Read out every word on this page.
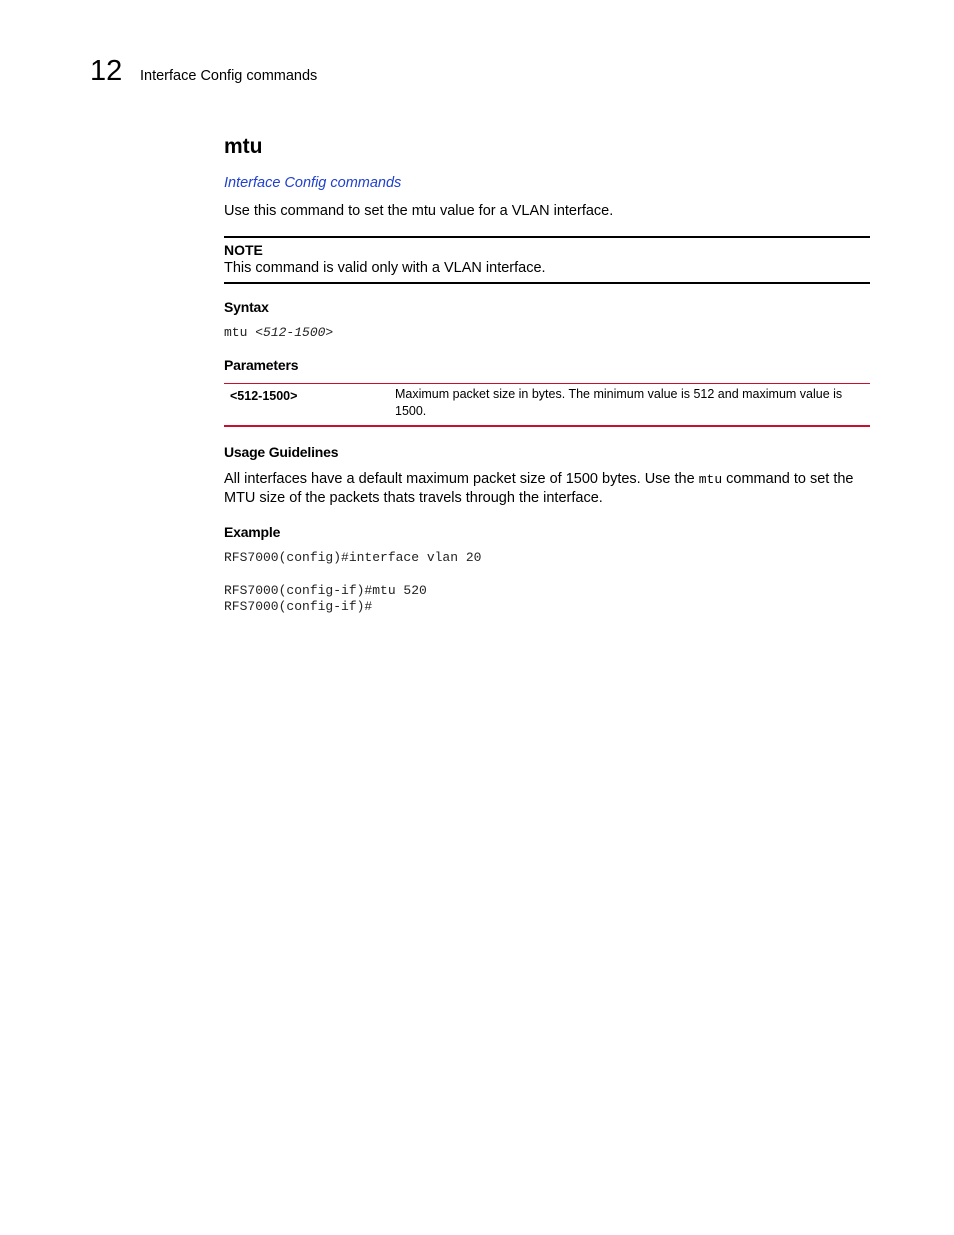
12 Interface Config commands
mtu
Interface Config commands
Use this command to set the mtu value for a VLAN interface.
NOTE
This command is valid only with a VLAN interface.
Syntax
mtu <512-1500>
Parameters
<512-1500>	Maximum packet size in bytes. The minimum value is 512 and maximum value is 1500.
Usage Guidelines
All interfaces have a default maximum packet size of 1500 bytes. Use the mtu command to set the MTU size of the packets thats travels through the interface.
Example
RFS7000(config)#interface vlan 20
RFS7000(config-if)#mtu 520
RFS7000(config-if)#
